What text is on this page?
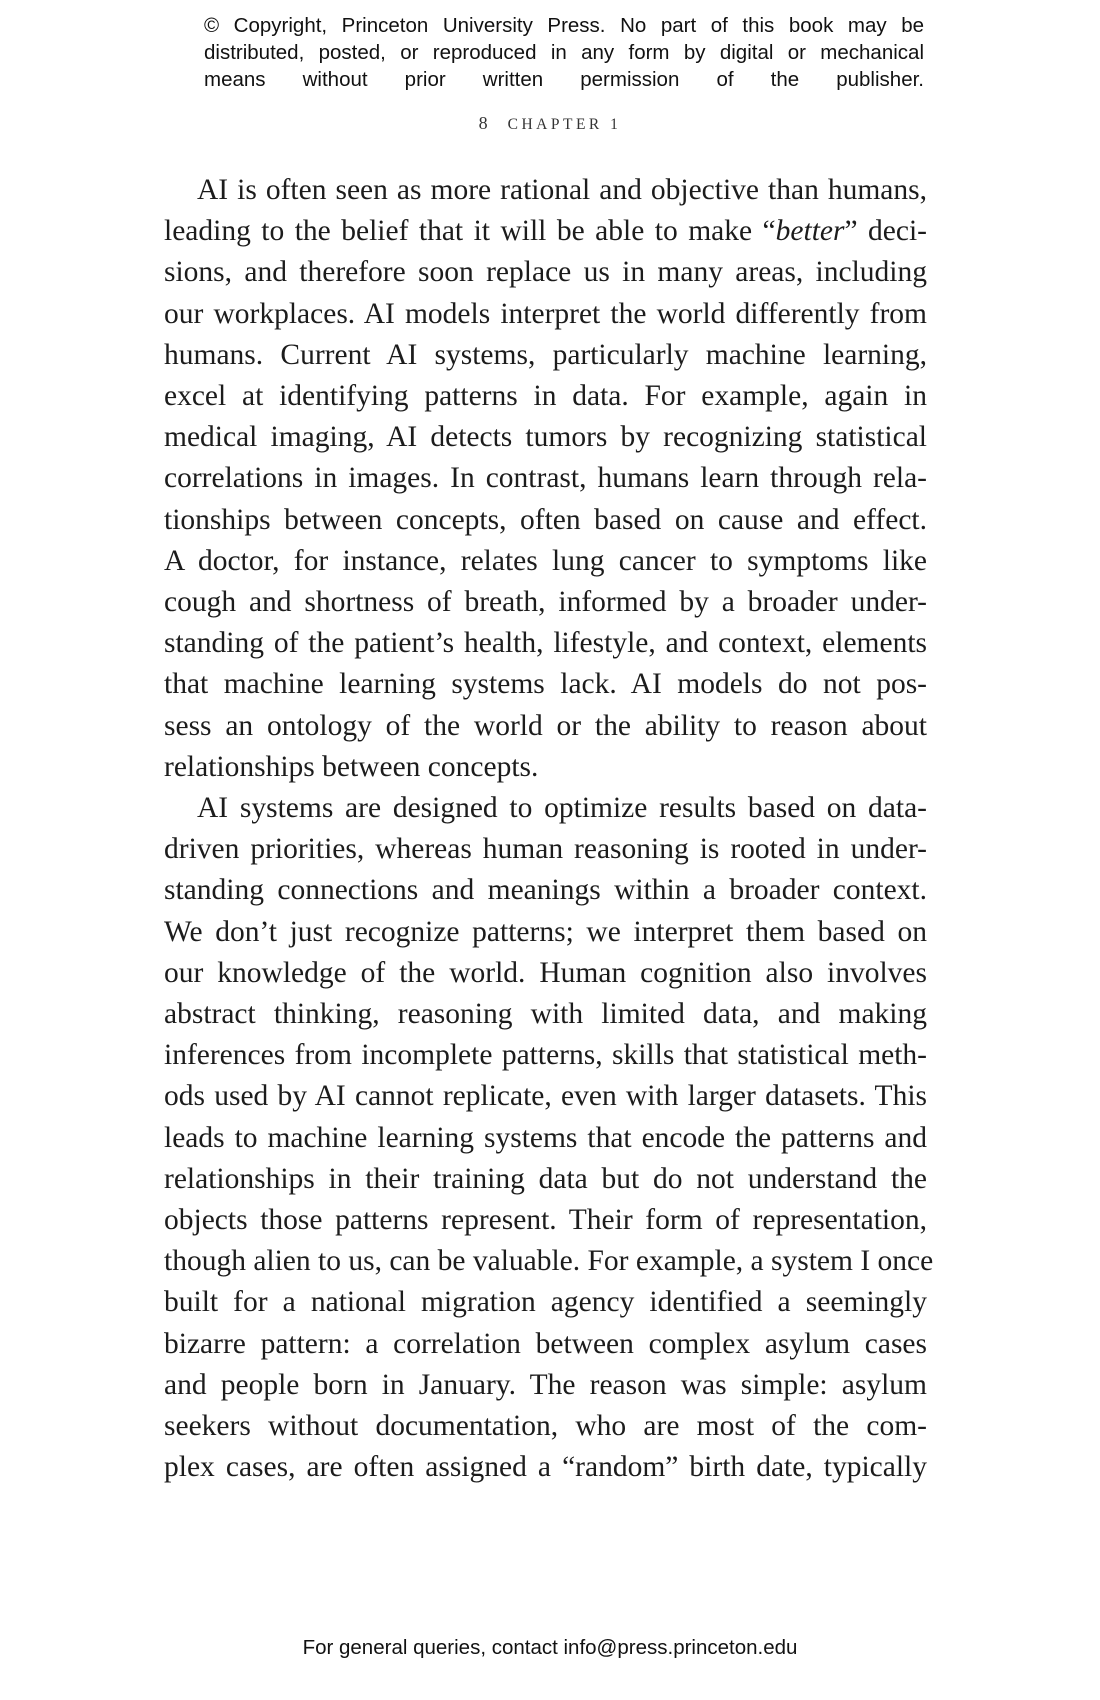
© Copyright, Princeton University Press. No part of this book may be
distributed, posted, or reproduced in any form by digital or mechanical
means without prior written permission of the publisher.
8 CHAPTER 1
AI is often seen as more rational and objective than humans,
leading to the belief that it will be able to make “better” deci-
sions, and therefore soon replace us in many areas, including
our workplaces. AI models interpret the world differently from
humans. Current AI systems, particularly machine learning,
excel at identifying patterns in data. For example, again in
medical imaging, AI detects tumors by recognizing statistical
correlations in images. In contrast, humans learn through rela-
tionships between concepts, often based on cause and effect.
A doctor, for instance, relates lung cancer to symptoms like
cough and shortness of breath, informed by a broader under-
standing of the patient’s health, lifestyle, and context, elements
that machine learning systems lack. AI models do not pos-
sess an ontology of the world or the ability to reason about
relationships between concepts.
AI systems are designed to optimize results based on data-
driven priorities, whereas human reasoning is rooted in under-
standing connections and meanings within a broader context.
We don’t just recognize patterns; we interpret them based on
our knowledge of the world. Human cognition also involves
abstract thinking, reasoning with limited data, and making
inferences from incomplete patterns, skills that statistical meth-
ods used by AI cannot replicate, even with larger datasets. This
leads to machine learning systems that encode the patterns and
relationships in their training data but do not understand the
objects those patterns represent. Their form of representation,
though alien to us, can be valuable. For example, a system I once
built for a national migration agency identified a seemingly
bizarre pattern: a correlation between complex asylum cases
and people born in January. The reason was simple: asylum
seekers without documentation, who are most of the com-
plex cases, are often assigned a “random” birth date, typically
For general queries, contact info@press.princeton.edu
